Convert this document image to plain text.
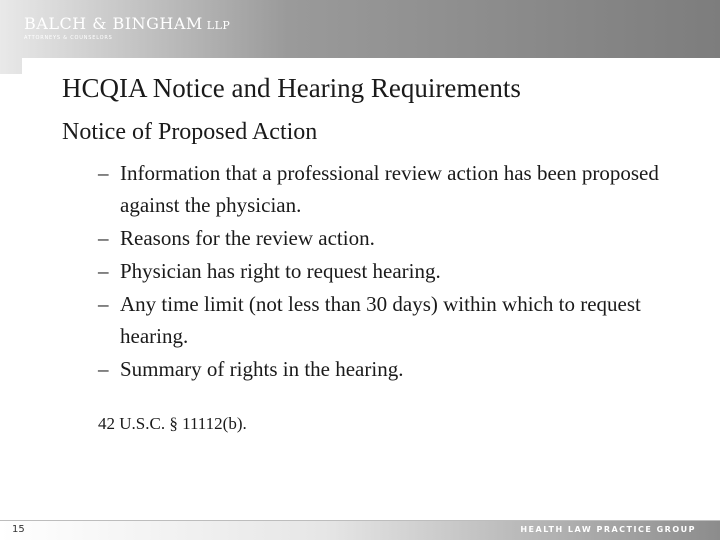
BALCH & BINGHAM LLP
ATTORNEYS & COUNSELORS
HCQIA Notice and Hearing Requirements
Notice of Proposed Action
– Information that a professional review action has been proposed against the physician.
– Reasons for the review action.
– Physician has right to request hearing.
– Any time limit (not less than 30 days) within which to request hearing.
– Summary of rights in the hearing.
42 U.S.C. § 11112(b).
15	HEALTH LAW PRACTICE GROUP
